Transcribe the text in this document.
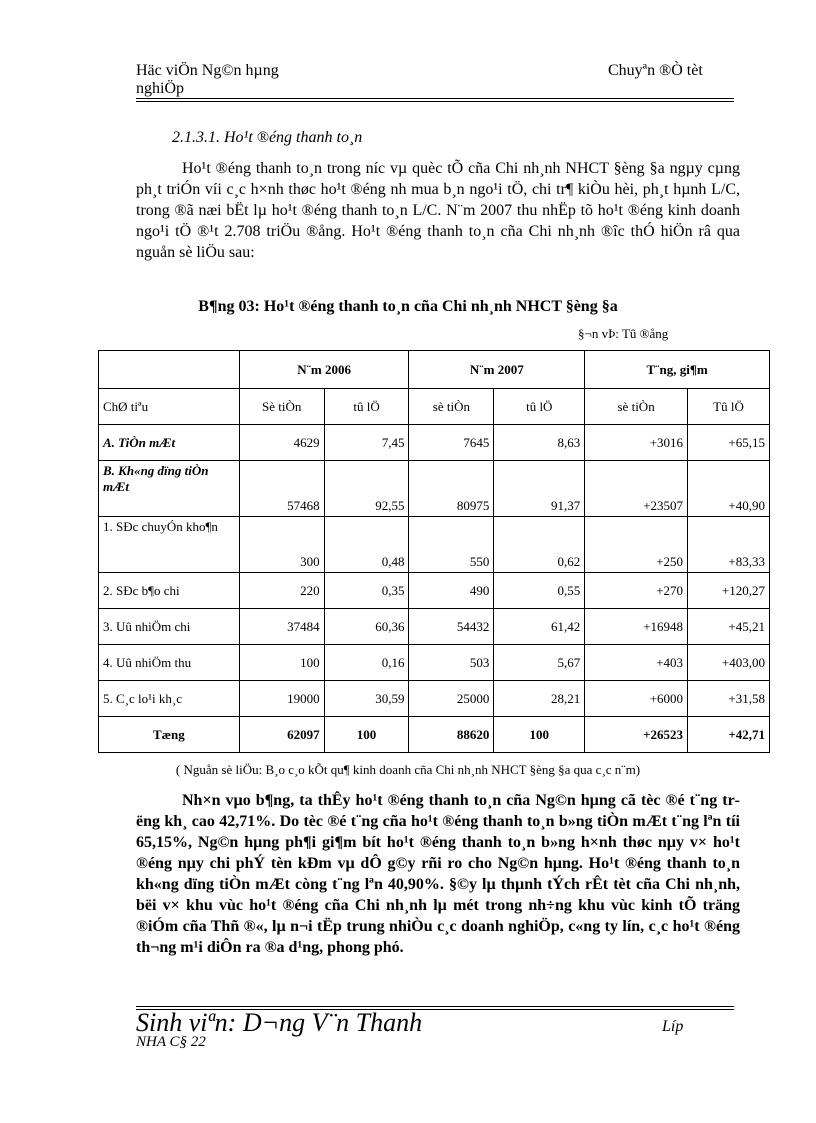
Häc viÖn Ng©n hµng
nghiÖp
Chuyªn ®Ò tèt
2.1.3.1. Ho¹t ®éng thanh to¸n
Ho¹t ®éng thanh to¸n trong níc vµ quèc tÕ cña Chi nh¸nh NHCT §èng §a ngµy cµng ph¸t triÓn víi c¸c h×nh thøc ho¹t ®éng nh mua b¸n ngo¹i tÖ, chi tr¶ kiÒu hèi, ph¸t hµnh L/C, trong ®ã næi bËt lµ ho¹t ®éng thanh to¸n L/C. N¨m 2007 thu nhËp tõ ho¹t ®éng kinh doanh ngo¹i tÖ ®¹t 2.708 triÖu ®ång. Ho¹t ®éng thanh to¸n cña Chi nh¸nh ®îc thÓ hiÖn râ qua nguån sè liÖu sau:
B¶ng 03: Ho¹t ®éng thanh to¸n cña Chi nh¸nh NHCT §èng §a
§¬n vÞ: Tû ®ång
	N¨m 2006		N¨m 2007		T¨ng, gi¶m	
ChØ tiªu	Sè tiÒn	tû lÖ	sè tiÒn	tû lÖ	sè tiÒn	Tû lÖ
A. TiÒn mÆt	4629	7,45	7645	8,63	+3016	+65,15
B. Kh«ng dïng tiÒn mÆt	57468	92,55	80975	91,37	+23507	+40,90
1. SÐc chuyÓn kho¶n	300	0,48	550	0,62	+250	+83,33
2. SÐc b¶o chi	220	0,35	490	0,55	+270	+120,27
3. Uû nhiÖm chi	37484	60,36	54432	61,42	+16948	+45,21
4. Uû nhiÖm thu	100	0,16	503	5,67	+403	+403,00
5. C¸c lo¹i kh¸c	19000	30,59	25000	28,21	+6000	+31,58
Tæng	62097	100	88620	100	+26523	+42,71
( Nguån sè liÖu: B¸o c¸o kÕt qu¶ kinh doanh cña Chi nh¸nh NHCT §èng §a qua c¸c n¨m)
Nh×n vµo b¶ng, ta thÊy ho¹t ®éng thanh to¸n cña Ng©n hµng cã tèc ®é t¨ng trëng kh¸ cao 42,71%. Do tèc ®é t¨ng cña ho¹t ®éng thanh to¸n b»ng tiÒn mÆt t¨ng lªn tíi 65,15%, Ng©n hµng ph¶i gi¶m bít ho¹t ®éng thanh to¸n b»ng h×nh thøc nµy v× ho¹t ®éng nµy chi phÝ tèn kÐm vµ dÔ g©y rñi ro cho Ng©n hµng. Ho¹t ®éng thanh to¸n kh«ng dïng tiÒn mÆt còng t¨ng lªn 40,90%. §©y lµ thµnh tÝch rÊt tèt cña Chi nh¸nh, bëi v× khu vùc ho¹t ®éng cña Chi nh¸nh lµ mét trong nh÷ng khu vùc kinh tÕ träng ®iÓm cña Thñ ®«, lµ n¬i tËp trung nhiÒu c¸c doanh nghiÖp, c«ng ty lín, c¸c ho¹t ®éng th¬ng m¹i diÔn ra ®a d¹ng, phong phó.
Sinh viªn: D¬ng V¨n Thanh	Líp
NHA C§ 22
